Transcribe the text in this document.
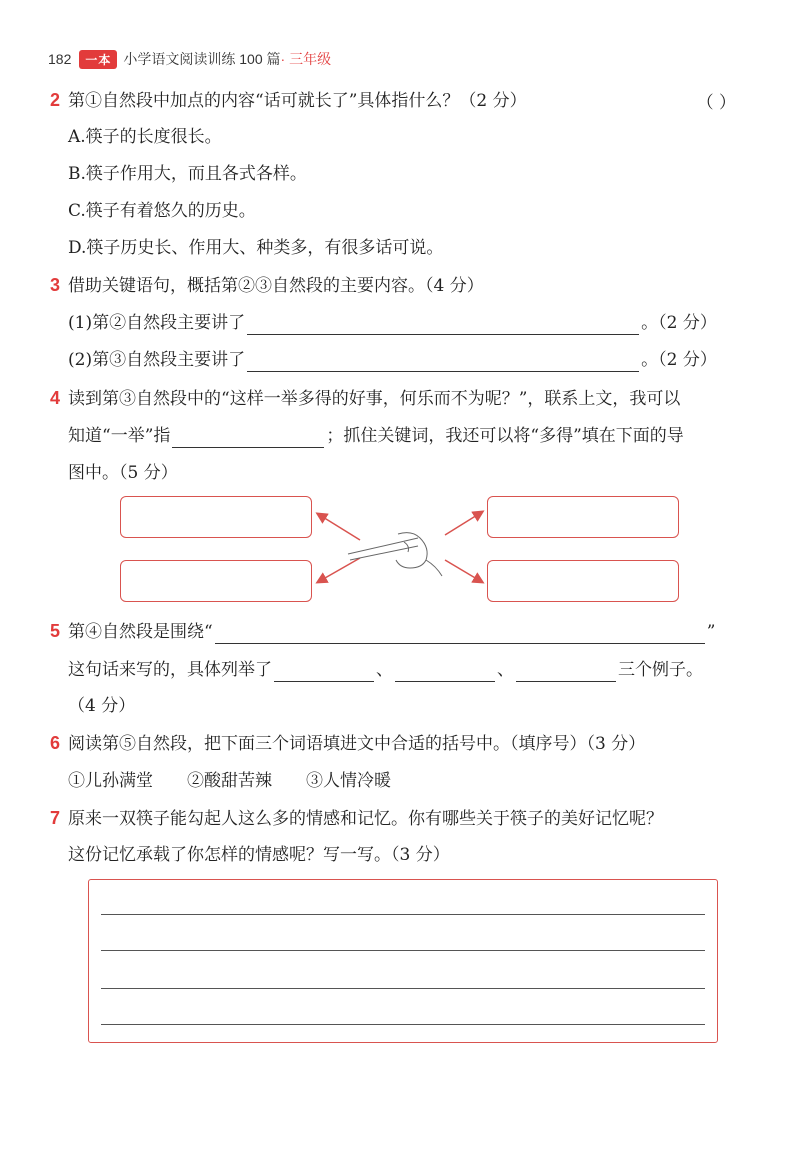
182	一本 小学语文阅读训练 100 篇 · 三年级
2 第①自然段中加点的内容“话可就长了”具体指什么？（2 分）	（ ）
A.筷子的长度很长。
B.筷子作用大，而且各式各样。
C.筷子有着悠久的历史。
D.筷子历史长、作用大、种类多，有很多话可说。
3 借助关键语句，概括第②③自然段的主要内容。（4 分）
(1)第②自然段主要讲了	。（2 分）
(2)第③自然段主要讲了	。（2 分）
4 读到第③自然段中的“这样一举多得的好事，何乐而不为呢？”，联系上文，我可以
知道“一举”指	；抓住关键词，我还可以将“多得”填在下面的导
图中。（5 分）
5 第④自然段是围绕“	”
这句话来写的，具体列举了	、	、	三个例子。
（4 分）
6 阅读第⑤自然段，把下面三个词语填进文中合适的括号中。（填序号）（3 分）
①儿孙满堂 ②酸甜苦辣 ③人情冷暖
7 原来一双筷子能勾起人这么多的情感和记忆。你有哪些关于筷子的美好记忆呢？
这份记忆承载了你怎样的情感呢？写一写。（3 分）
